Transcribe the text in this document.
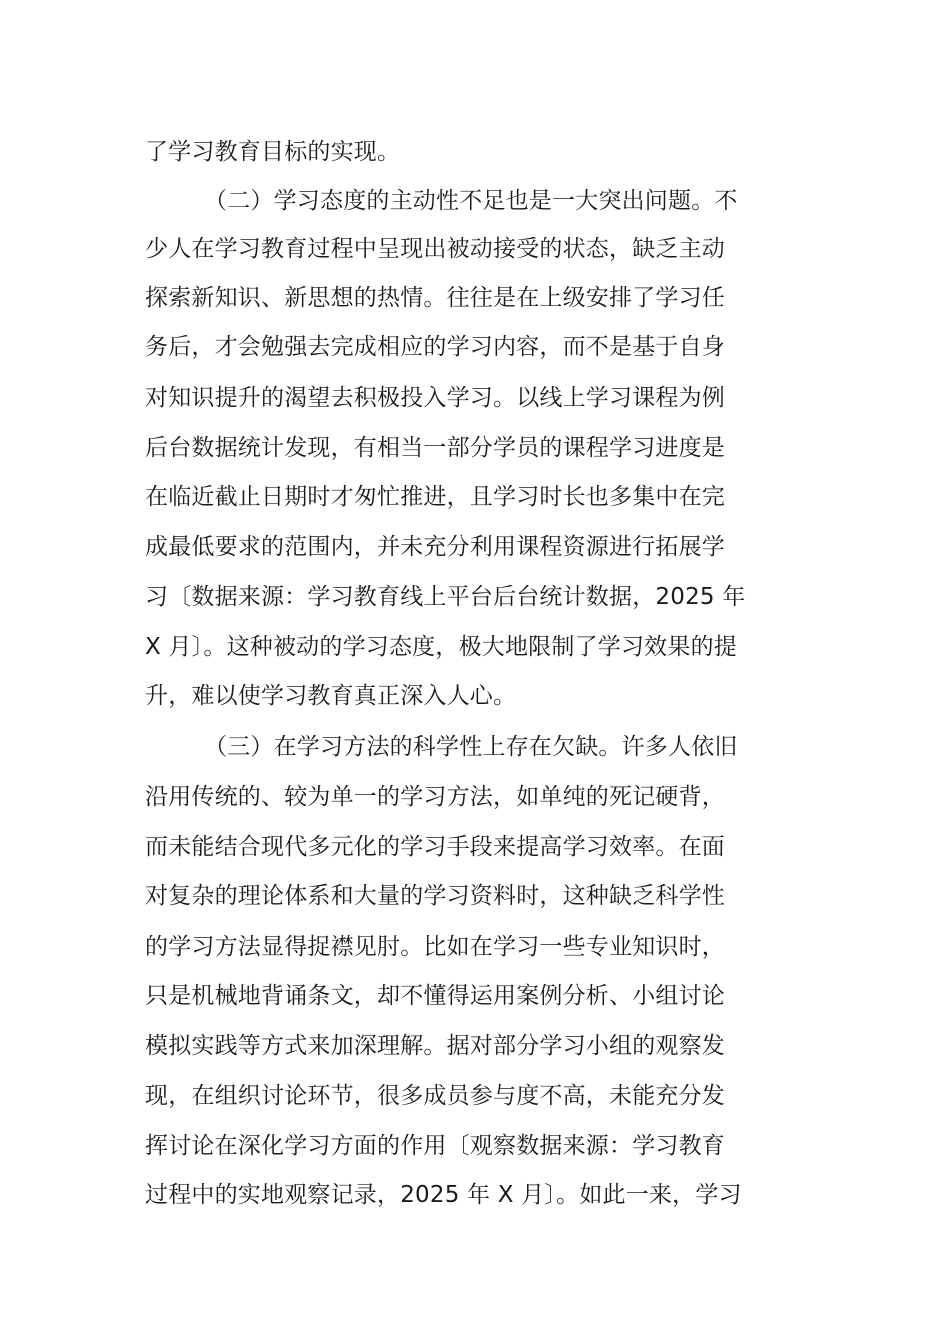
了学习教育目标的实现。
（二）学习态度的主动性不足也是一大突出问题。不
少人在学习教育过程中呈现出被动接受的状态，缺乏主动
探索新知识、新思想的热情。往往是在上级安排了学习任
务后，才会勉强去完成相应的学习内容，而不是基于自身
对知识提升的渴望去积极投入学习。以线上学习课程为例
后台数据统计发现，有相当一部分学员的课程学习进度是
在临近截止日期时才匆忙推进，且学习时长也多集中在完
成最低要求的范围内，并未充分利用课程资源进行拓展学
习〔数据来源：学习教育线上平台后台统计数据，2025 年
X 月〕。这种被动的学习态度，极大地限制了学习效果的提
升，难以使学习教育真正深入人心。
（三）在学习方法的科学性上存在欠缺。许多人依旧
沿用传统的、较为单一的学习方法，如单纯的死记硬背，
而未能结合现代多元化的学习手段来提高学习效率。在面
对复杂的理论体系和大量的学习资料时，这种缺乏科学性
的学习方法显得捉襟见肘。比如在学习一些专业知识时，
只是机械地背诵条文，却不懂得运用案例分析、小组讨论
模拟实践等方式来加深理解。据对部分学习小组的观察发
现，在组织讨论环节，很多成员参与度不高，未能充分发
挥讨论在深化学习方面的作用〔观察数据来源：学习教育
过程中的实地观察记录，2025 年 X 月〕。如此一来，学习
